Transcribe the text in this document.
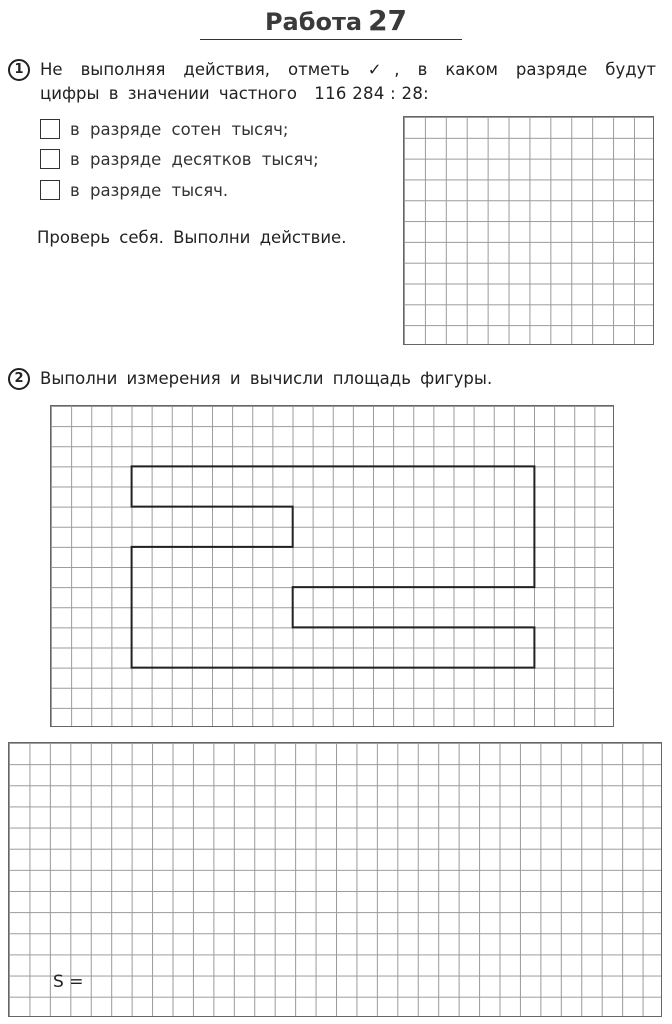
Работа 27
1 Не выполняя действия, отметь ✓, в каком разряде будут
цифры в значении частного 116 284 : 28:
в разряде сотен тысяч;
в разряде десятков тысяч;
в разряде тысяч.
Проверь себя. Выполни действие.
2 Выполни измерения и вычисли площадь фигуры.
S =
